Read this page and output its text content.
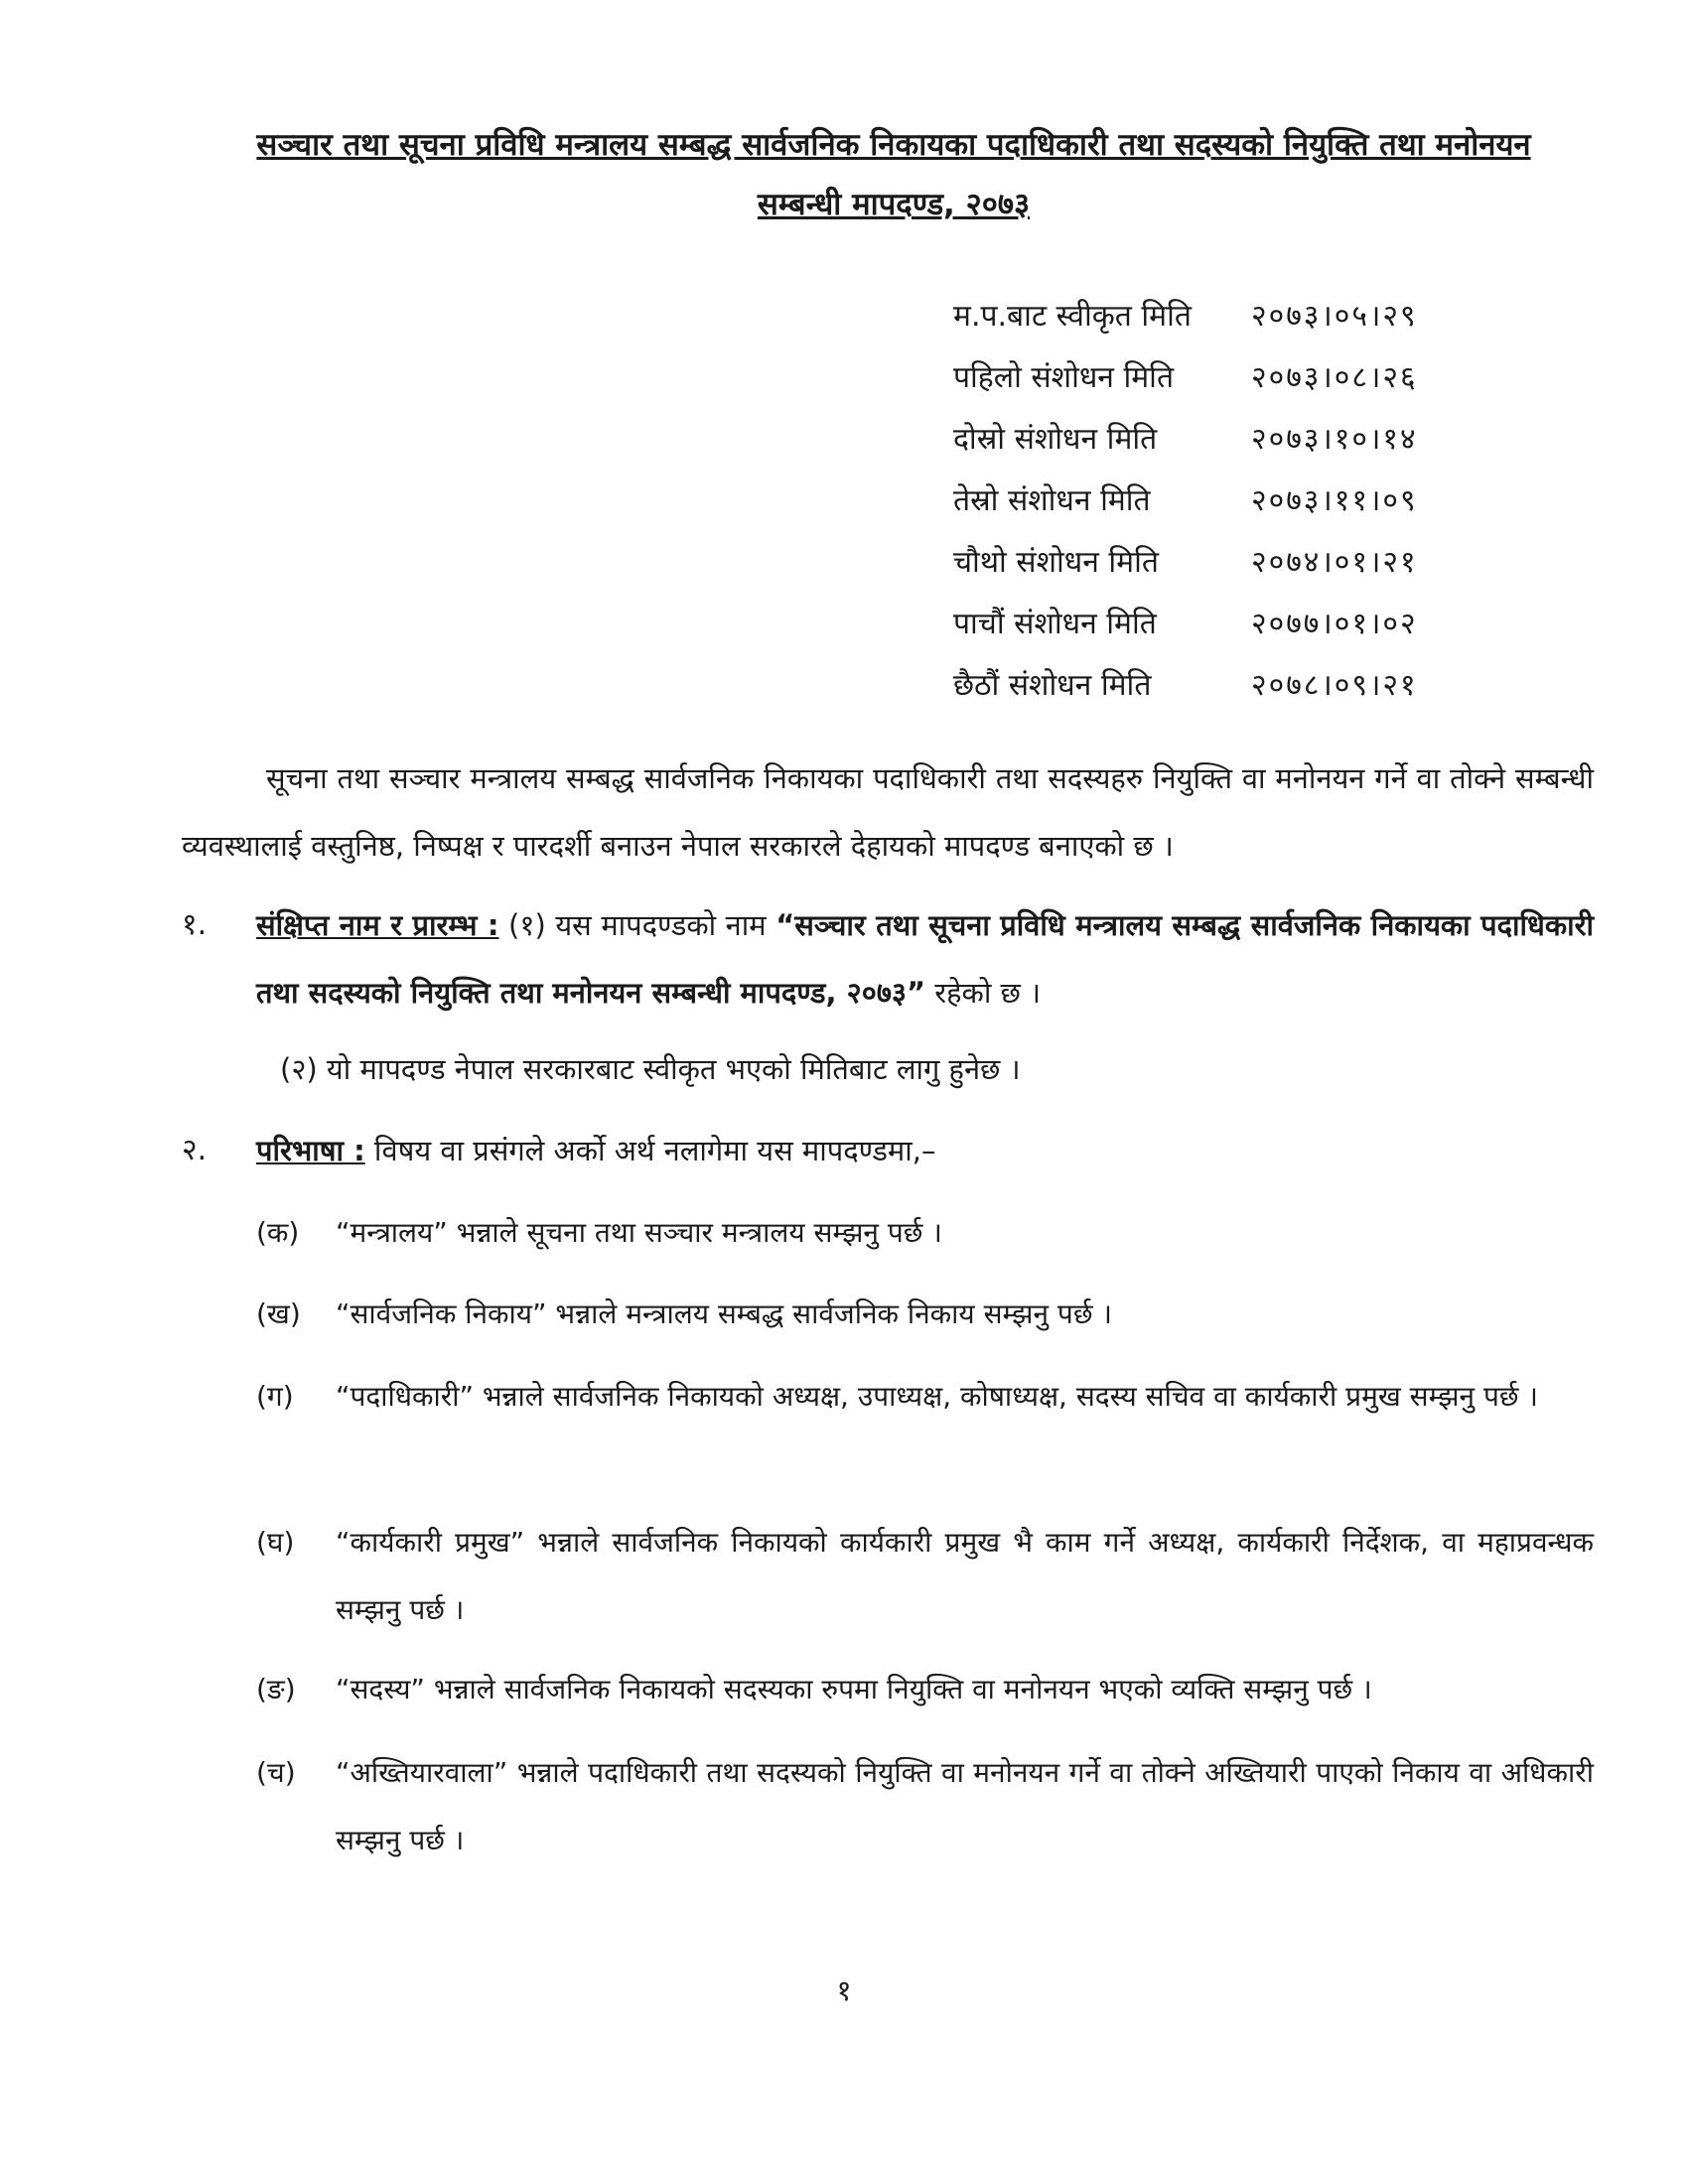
सञ्चार तथा सूचना प्रविधि मन्त्रालय सम्बद्ध सार्वजनिक निकायका पदाधिकारी तथा सदस्यको नियुक्ति तथा मनोनयन
सम्बन्धी मापदण्ड, २०७३
म.प.बाट स्वीकृत मिति २०७३।०५।२९
पहिलो संशोधन मिति	२०७३।०८।२६
दोस्रो संशोधन मिति	२०७३।१०।१४
तेस्रो संशोधन मिति	२०७३।११।०९
चौथो संशोधन मिति	२०७४।०१।२१
पाचौं संशोधन मिति	२०७७।०१।०२
छैठौं संशोधन मिति	२०७८।०९।२१
सूचना तथा सञ्चार मन्त्रालय सम्बद्ध सार्वजनिक निकायका पदाधिकारी तथा सदस्यहरु नियुक्ति वा मनोनयन गर्ने वा तोक्ने सम्बन्धी व्यवस्थालाई वस्तुनिष्ठ, निष्पक्ष र पारदर्शी बनाउन नेपाल सरकारले देहायको मापदण्ड बनाएको छ ।
१. संक्षिप्त नाम र प्रारम्भ : (१) यस मापदण्डको नाम “सञ्चार तथा सूचना प्रविधि मन्त्रालय सम्बद्ध सार्वजनिक निकायका पदाधिकारी तथा सदस्यको नियुक्ति तथा मनोनयन सम्बन्धी मापदण्ड, २०७३” रहेको छ ।
(२) यो मापदण्ड नेपाल सरकारबाट स्वीकृत भएको मितिबाट लागु हुनेछ ।
२. परिभाषा : विषय वा प्रसंगले अर्को अर्थ नलागेमा यस मापदण्डमा,–
(क) “मन्त्रालय” भन्नाले सूचना तथा सञ्चार मन्त्रालय सम्झनु पर्छ ।
(ख) “सार्वजनिक निकाय” भन्नाले मन्त्रालय सम्बद्ध सार्वजनिक निकाय सम्झनु पर्छ ।
(ग) “पदाधिकारी” भन्नाले सार्वजनिक निकायको अध्यक्ष, उपाध्यक्ष, कोषाध्यक्ष, सदस्य सचिव वा कार्यकारी प्रमुख सम्झनु पर्छ ।
(घ) “कार्यकारी प्रमुख” भन्नाले सार्वजनिक निकायको कार्यकारी प्रमुख भै काम गर्ने अध्यक्ष, कार्यकारी निर्देशक, वा महाप्रवन्धक सम्झनु पर्छ ।
(ङ) “सदस्य” भन्नाले सार्वजनिक निकायको सदस्यका रुपमा नियुक्ति वा मनोनयन भएको व्यक्ति सम्झनु पर्छ ।
(च) “अख्तियारवाला” भन्नाले पदाधिकारी तथा सदस्यको नियुक्ति वा मनोनयन गर्ने वा तोक्ने अख्तियारी पाएको निकाय वा अधिकारी सम्झनु पर्छ ।
१
